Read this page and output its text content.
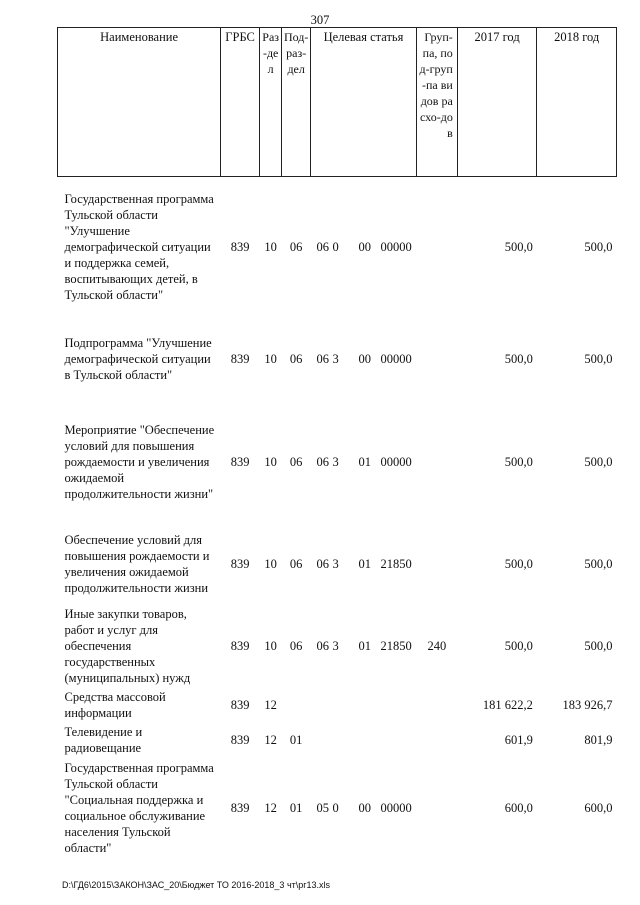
307
Наименование	ГРБС	Раз-дел	Под-раз-дел	Целевая статья	Груп-па, под-груп-па видов расхо-дов	2017 год	2018 год
Государственная программа Тульской области "Улучшение демографической ситуации и поддержка семей, воспитывающих детей, в Тульской области"	839	10	06	06 0 00 00000		500,0	500,0
Подпрограмма "Улучшение демографической ситуации в Тульской области"	839	10	06	06 3 00 00000		500,0	500,0
Мероприятие "Обеспечение условий для повышения рождаемости и увеличения ожидаемой продолжительности жизни"	839	10	06	06 3 01 00000		500,0	500,0
Обеспечение условий для повышения рождаемости и увеличения ожидаемой продолжительности жизни	839	10	06	06 3 01 21850		500,0	500,0
Иные закупки товаров, работ и услуг для обеспечения государственных (муниципальных) нужд	839	10	06	06 3 01 21850	240	500,0	500,0
Средства массовой информации	839	12				181 622,2	183 926,7
Телевидение и радиовещание	839	12	01			601,9	801,9
Государственная программа Тульской области "Социальная поддержка и социальное обслуживание населения Тульской области"	839	12	01	05 0 00 00000		600,0	600,0
D:\ГД6\2015\ЗАКОН\ЗАС_20\Бюджет ТО 2016-2018_3 чт\рг13.xls
